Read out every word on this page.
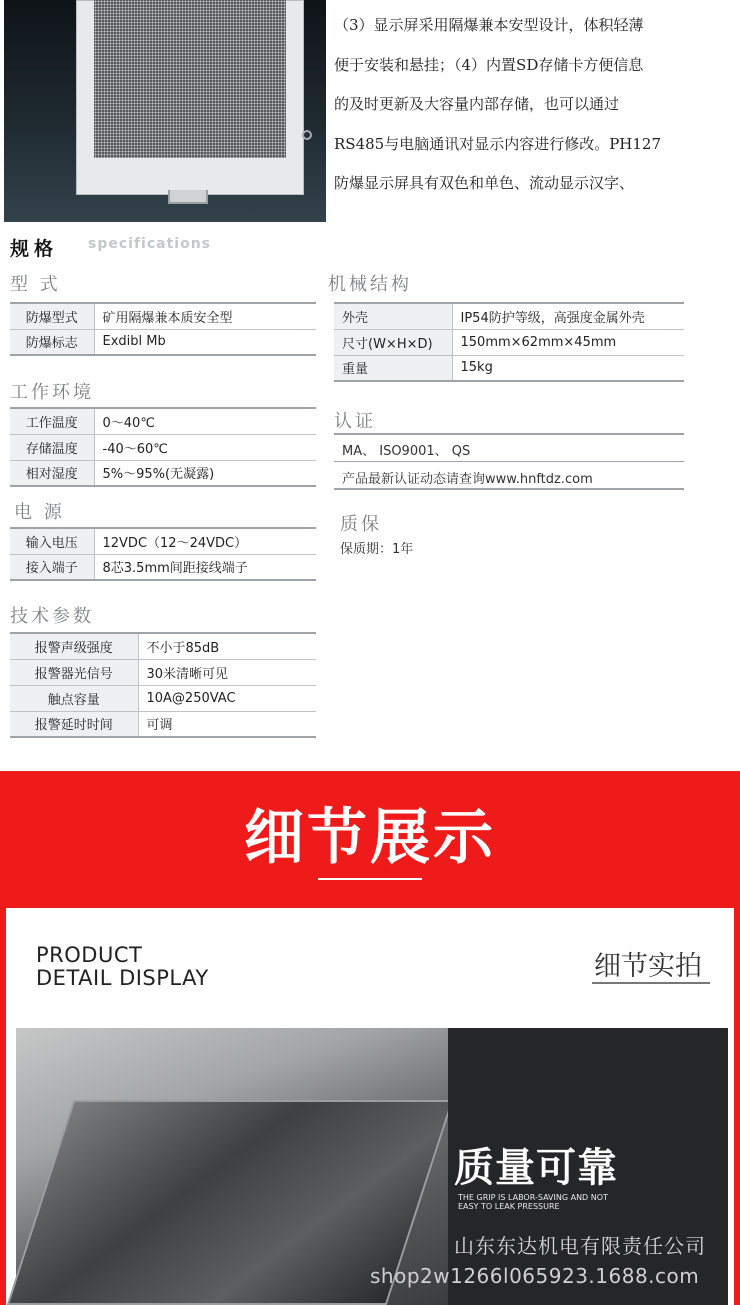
（3）显示屏采用隔爆兼本安型设计，体积轻薄

便于安装和悬挂；（4）内置SD存储卡方便信息

的及时更新及大容量内部存储，也可以通过

RS485与电脑通讯对显示内容进行修改。PH127

防爆显示屏具有双色和单色、流动显示汉字、

规格 specifications
型 式
防爆型式	矿用隔爆兼本质安全型
防爆标志	Exdibl Mb
工作环境
工作温度	0～40℃
存储温度	-40～60℃
相对湿度	5%～95%(无凝露)
电 源
输入电压	12VDC（12～24VDC）
接入端子	8芯3.5mm间距接线端子
技术参数
报警声级强度	不小于85dB
报警器光信号	30米清晰可见
触点容量	10A@250VAC
报警延时时间	可调
机械结构
外壳	IP54防护等级，高强度金属外壳
尺寸(W×H×D)	150mm×62mm×45mm
重量	15kg
认证
MA、 ISO9001、 QS
产品最新认证动态请查询www.hnftdz.com
质保
保质期：1年
细节展示
PRODUCT
DETAIL DISPLAY	细节实拍
质量可靠
THE GRIP IS LABOR-SAVING AND NOT
EASY TO LEAK PRESSURE
山东东达机电有限责任公司
shop2w1266l065923.1688.com
